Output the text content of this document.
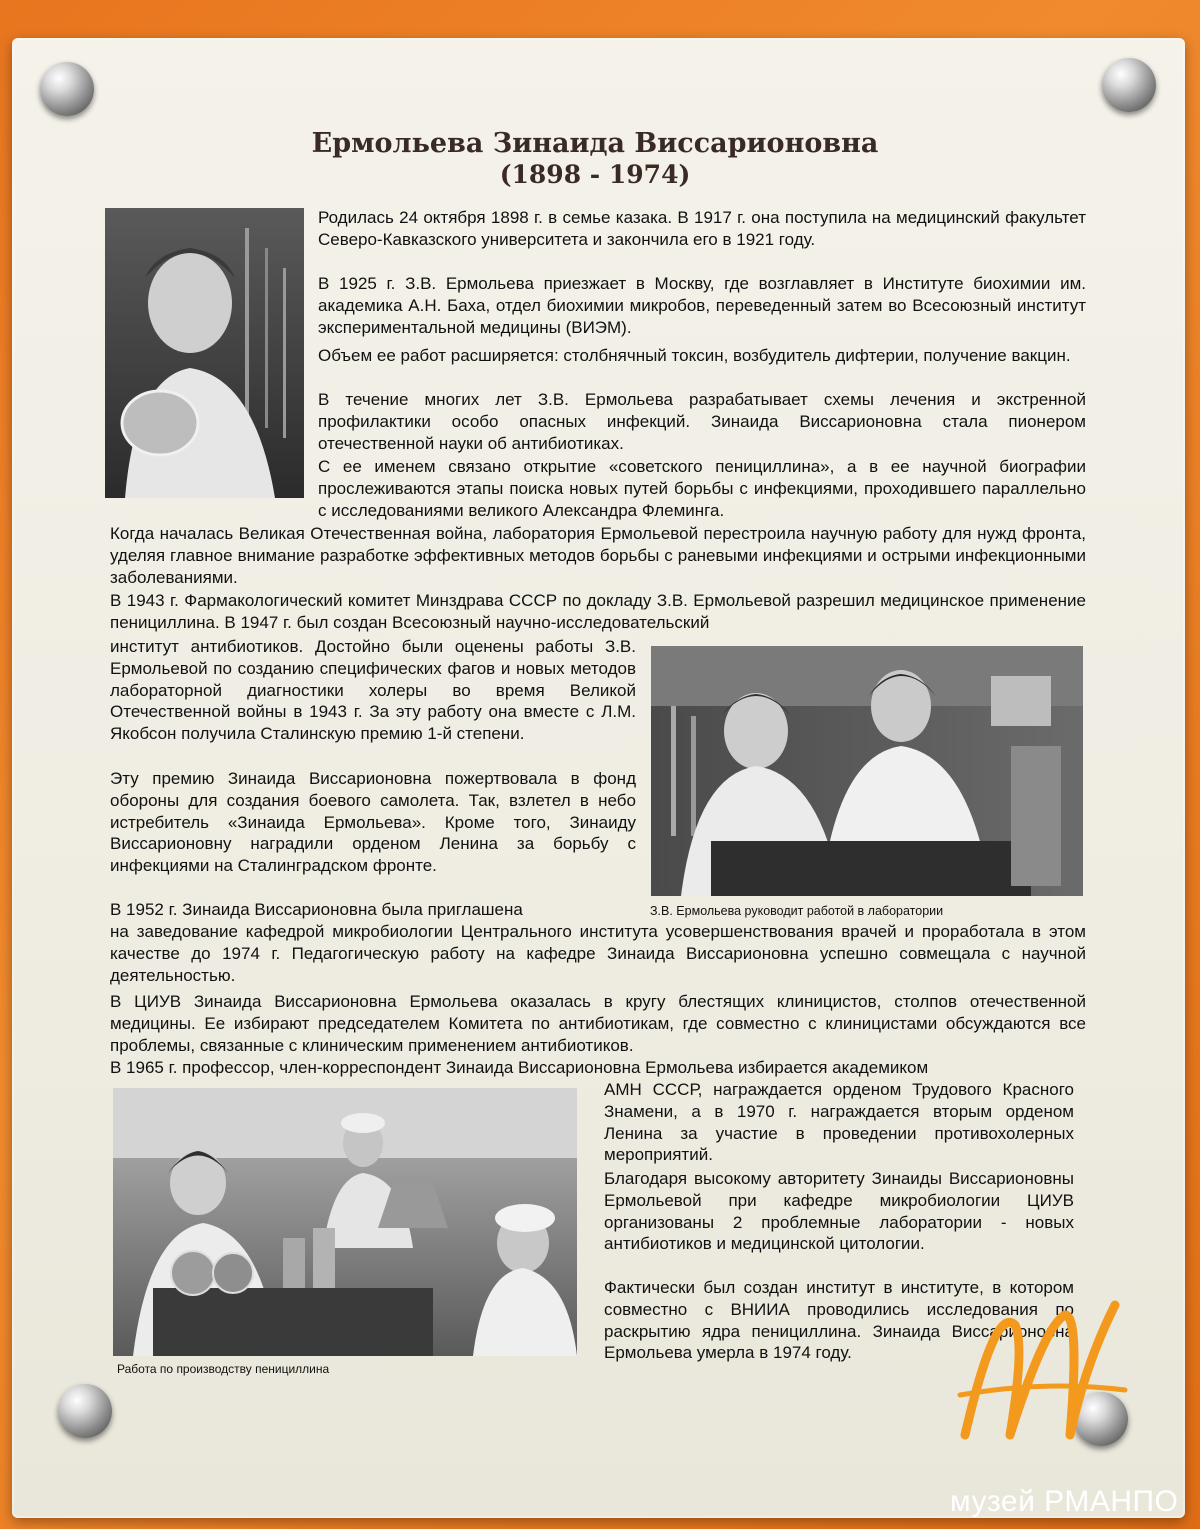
Ермольева Зинаида Виссарионовна
(1898 - 1974)

Родилась 24 октября 1898 г. в семье казака. В 1917 г. она поступила на медицинский факультет Северо-Кавказского университета и закончила его в 1921 году.

В 1925 г. З.В. Ермольева приезжает в Москву, где возглавляет в Институте биохимии им. академика А.Н. Баха, отдел биохимии микробов, переведенный затем во Всесоюзный институт экспериментальной медицины (ВИЭМ).

Объем ее работ расширяется: столбнячный токсин, возбудитель дифтерии, получение вакцин.

В течение многих лет З.В. Ермольева разрабатывает схемы лечения и экстренной профилактики особо опасных инфекций. Зинаида Виссарионовна стала пионером отечественной науки об антибиотиках.

С ее именем связано открытие «советского пенициллина», а в ее научной биографии прослеживаются этапы поиска новых путей борьбы с инфекциями, проходившего параллельно с исследованиями великого Александра Флеминга.

Когда началась Великая Отечественная война, лаборатория Ермольевой перестроила научную работу для нужд фронта, уделяя главное внимание разработке эффективных методов борьбы с раневыми инфекциями и острыми инфекционными заболеваниями.

В 1943 г. Фармакологический комитет Минздрава СССР по докладу З.В. Ермольевой разрешил медицинское применение пенициллина. В 1947 г. был создан Всесоюзный научно-исследовательский

З.В. Ермольева руководит работой в лаборатории

институт антибиотиков. Достойно были оценены работы З.В. Ермольевой по созданию специфических фагов и новых методов лабораторной диагностики холеры во время Великой Отечественной войны в 1943 г. За эту работу она вместе с Л.М. Якобсон получила Сталинскую премию 1-й степени.

Эту премию Зинаида Виссарионовна пожертвовала в фонд обороны для создания боевого самолета. Так, взлетел в небо истребитель «Зинаида Ермольева». Кроме того, Зинаиду Виссарионовну наградили орденом Ленина за борьбу с инфекциями на Сталинградском фронте.

В 1952 г. Зинаида Виссарионовна была приглашена

на заведование кафедрой микробиологии Центрального института усовершенствования врачей и проработала в этом качестве до 1974 г. Педагогическую работу на кафедре Зинаида Виссарионовна успешно совмещала с научной деятельностью.

В ЦИУВ Зинаида Виссарионовна Ермольева оказалась в кругу блестящих клиницистов, столпов отечественной медицины. Ее избирают председателем Комитета по антибиотикам, где совместно с клиницистами обсуждаются все проблемы, связанные с клиническим применением антибиотиков.

В 1965 г. профессор, член-корреспондент Зинаида Виссарионовна Ермольева избирается академиком

Работа по производству пенициллина

АМН СССР, награждается орденом Трудового Красного Знамени, а в 1970 г. награждается вторым орденом Ленина за участие в проведении противохолерных мероприятий.

Благодаря высокому авторитету Зинаиды Виссарионовны Ермольевой при кафедре микробиологии ЦИУВ организованы 2 проблемные лаборатории - новых антибиотиков и медицинской цитологии.

Фактически был создан институт в институте, в котором совместно с ВНИИА проводились исследования по раскрытию ядра пенициллина. Зинаида Виссарионовна Ермольева умерла в 1974 году.

музей РМАНПО
